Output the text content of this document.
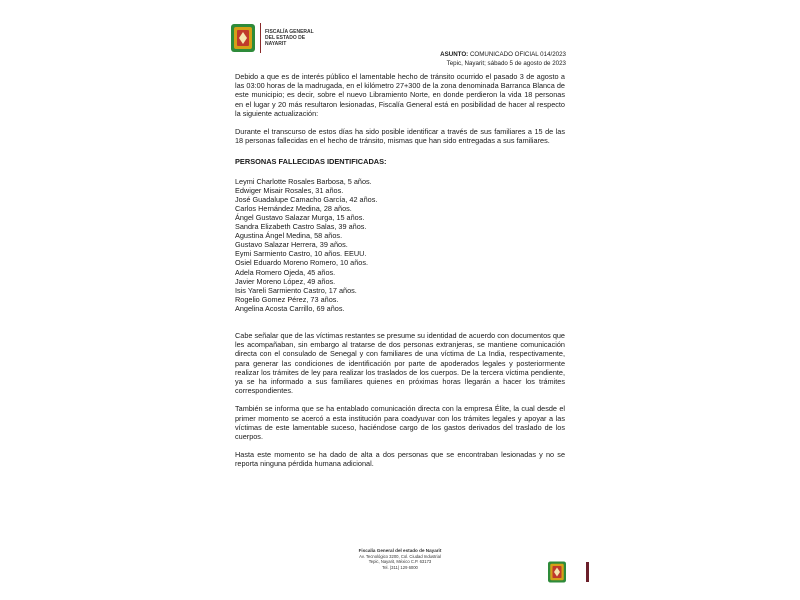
FISCALÍA GENERAL
DEL ESTADO DE
NAYARIT
ASUNTO: COMUNICADO OFICIAL 014/2023
Tepic, Nayarit; sábado 5 de agosto de 2023

Debido a que es de interés público el lamentable hecho de tránsito ocurrido el pasado 3 de agosto a las 03:00 horas de la madrugada, en el kilómetro 27+300 de la zona denominada Barranca Blanca de este municipio; es decir, sobre el nuevo Libramiento Norte, en donde perdieron la vida 18 personas en el lugar y 20 más resultaron lesionadas, Fiscalía General está en posibilidad de hacer al respecto la siguiente actualización:

Durante el transcurso de estos días ha sido posible identificar a través de sus familiares a 15 de las 18 personas fallecidas en el hecho de tránsito, mismas que han sido entregadas a sus familiares.

PERSONAS FALLECIDAS IDENTIFICADAS:
Leymi Charlotte Rosales Barbosa, 5 años.
Edwiger Misair Rosales, 31 años.
José Guadalupe Camacho García, 42 años.
Carlos Hernández Medina, 28 años.
Ángel Gustavo Salazar Murga, 15 años.
Sandra Elizabeth Castro Salas, 39 años.
Agustina Ángel Medina, 58 años.
Gustavo Salazar Herrera, 39 años.
Eymi Sarmiento Castro, 10 años. EEUU.
Osiel Eduardo Moreno Romero, 10 años.
Adela Romero Ojeda, 45 años.
Javier Moreno López, 49 años.
Isis Yareli Sarmiento Castro, 17 años.
Rogelio Gomez Pérez, 73 años.
Angelina Acosta Carrillo, 69 años.

Cabe señalar que de las víctimas restantes se presume su identidad de acuerdo con documentos que les acompañaban, sin embargo al tratarse de dos personas extranjeras, se mantiene comunicación directa con el consulado de Senegal y con familiares de una víctima de La India, respectivamente, para generar las condiciones de identificación por parte de apoderados legales y posteriormente realizar los trámites de ley para realizar los traslados de los cuerpos. De la tercera víctima pendiente, ya se ha informado a sus familiares quienes en próximas horas llegarán a hacer los trámites correspondientes.

También se informa que se ha entablado comunicación directa con la empresa Élite, la cual desde el primer momento se acercó a esta institución para coadyuvar con los trámites legales y apoyar a las víctimas de este lamentable suceso, haciéndose cargo de los gastos derivados del traslado de los cuerpos.

Hasta este momento se ha dado de alta a dos personas que se encontraban lesionadas y no se reporta ninguna pérdida humana adicional.

Fiscalía General del estado de Nayarit
Av. Tecnológico 3200, Col. Ciudad Industrial
Tepic, Nayarit, México C.P. 63173
Tel. (311) 129 6000
